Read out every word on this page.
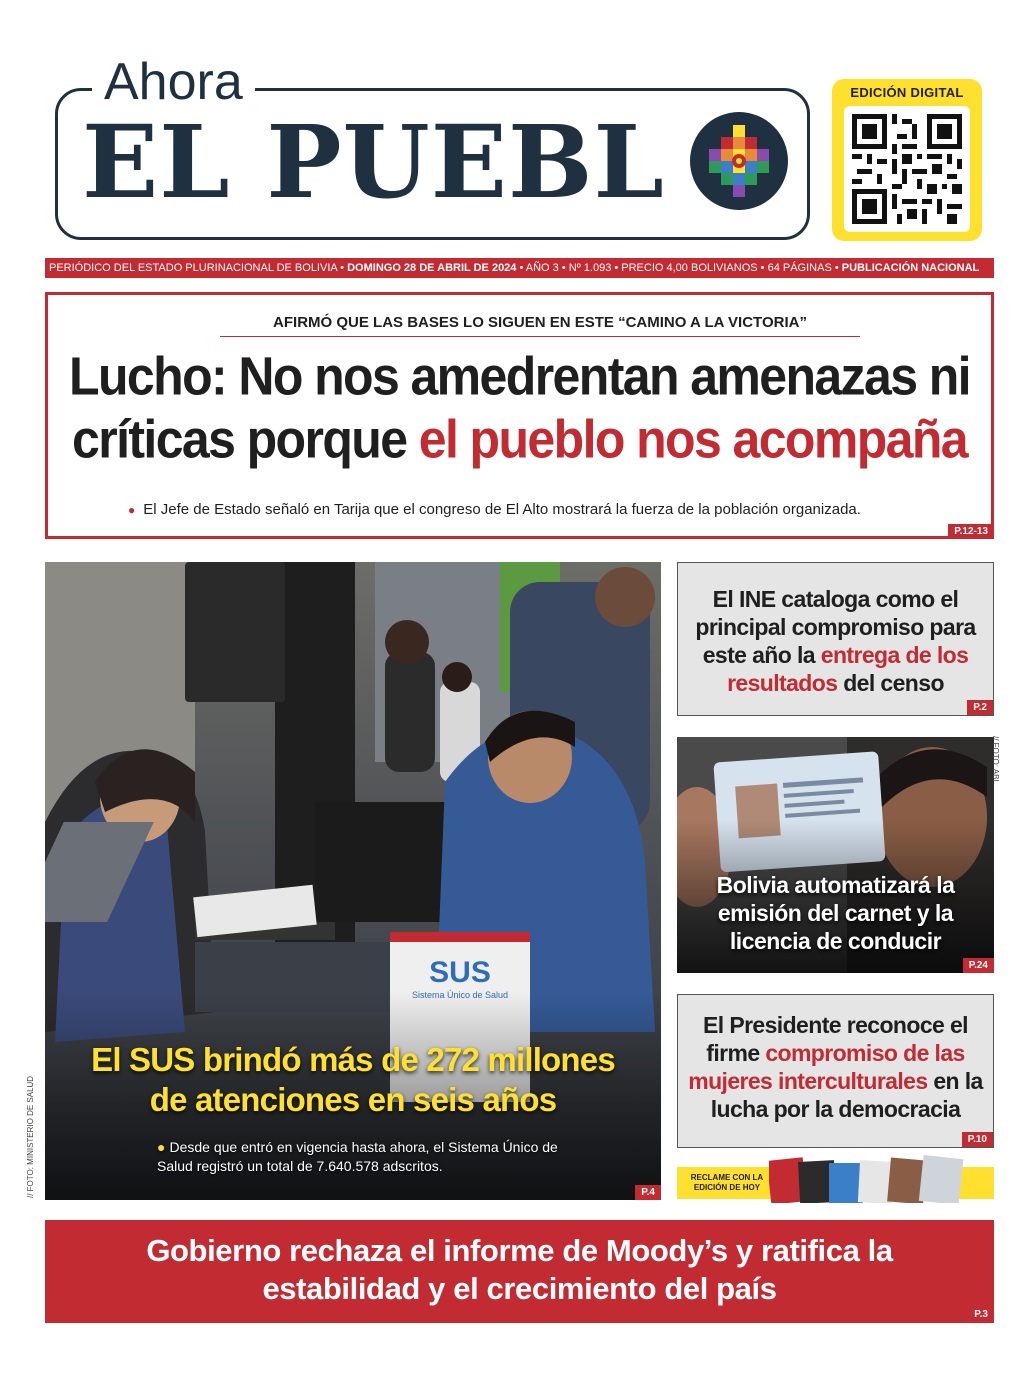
Ahora
EL PUEBL
EDICIÓN DIGITAL
PERIÓDICO DEL ESTADO PLURINACIONAL DE BOLIVIA • DOMINGO 28 DE ABRIL DE 2024 • AÑO 3 • Nº 1.093 • PRECIO 4,00 BOLIVIANOS • 64 PÁGINAS • PUBLICACIÓN NACIONAL
AFIRMÓ QUE LAS BASES LO SIGUEN EN ESTE “CAMINO A LA VICTORIA”
Lucho: No nos amedrentan amenazas ni
críticas porque el pueblo nos acompaña
● El Jefe de Estado señaló en Tarija que el congreso de El Alto mostrará la fuerza de la población organizada.
P.12-13
SUS
El SUS brindó más de 272 millones
de atenciones en seis años
● Desde que entró en vigencia hasta ahora, el Sistema Único de Salud registró un total de 7.640.578 adscritos.
P.4
// FOTO: MINISTERIO DE SALUD
El INE cataloga como el principal compromiso para este año la entrega de los resultados del censo
P.2
Bolivia automatizará la emisión del carnet y la licencia de conducir
P.24
// FOTO: ABI
El Presidente reconoce el firme compromiso de las mujeres interculturales en la lucha por la democracia
P.10
RECLAME CON LA EDICIÓN DE HOY
Gobierno rechaza el informe de Moody’s y ratifica la
estabilidad y el crecimiento del país
P.3
